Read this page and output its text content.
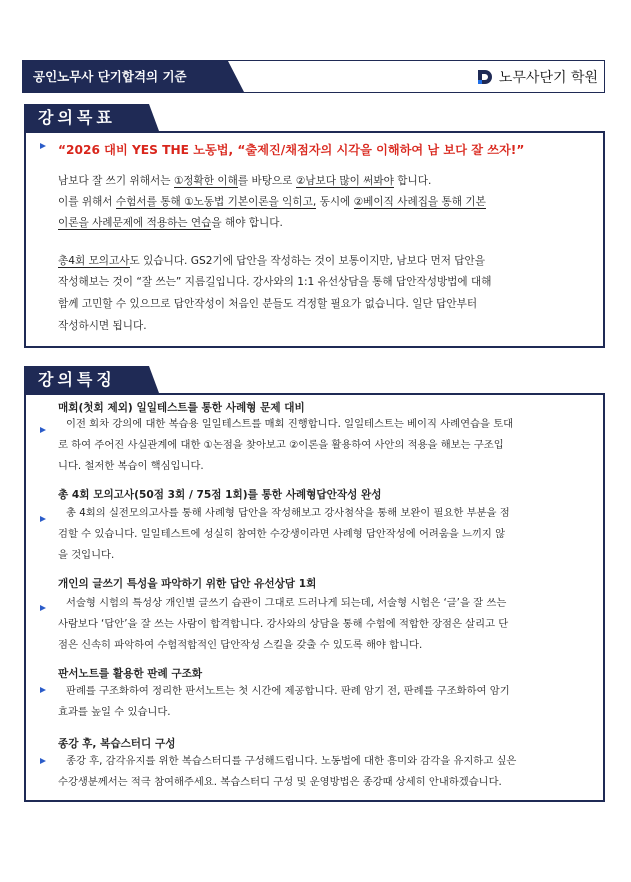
공인노무사 단기합격의 기준	노무사단기 학원
강의목표
“2026 대비 YES THE 노동법, “출제진/채점자의 시각을 이해하여 남 보다 잘 쓰자!”
남보다 잘 쓰기 위해서는 ①정확한 이해를 바탕으로 ②남보다 많이 써봐야 합니다.
이를 위해서 수험서를 통해 ①노동법 기본이론을 익히고, 동시에 ②베이직 사례집을 통해 기본
이론을 사례문제에 적용하는 연습을 해야 합니다.
총4회 모의고사도 있습니다. GS2기에 답안을 작성하는 것이 보통이지만, 남보다 먼저 답안을
작성해보는 것이 “잘 쓰는” 지름길입니다. 강사와의 1:1 유선상담을 통해 답안작성방법에 대해
함께 고민할 수 있으므로 답안작성이 처음인 분들도 걱정할 필요가 없습니다. 일단 답안부터
작성하시면 됩니다.
강의특징
매회(첫회 제외) 일일테스트를 통한 사례형 문제 대비
이전 회차 강의에 대한 복습용 일일테스트를 매회 진행합니다. 일일테스트는 베이직 사례연습을 토대
로 하여 주어진 사실관계에 대한 ①논점을 찾아보고 ②이론을 활용하여 사안의 적용을 해보는 구조입
니다. 철저한 복습이 핵심입니다.
총 4회 모의고사(50점 3회 / 75점 1회)를 통한 사례형답안작성 완성
총 4회의 실전모의고사를 통해 사례형 답안을 작성해보고 강사첨삭을 통해 보완이 필요한 부분을 점
검할 수 있습니다. 일일테스트에 성실히 참여한 수강생이라면 사례형 답안작성에 어려움을 느끼지 않
을 것입니다.
개인의 글쓰기 특성을 파악하기 위한 답안 유선상담 1회
서술형 시험의 특성상 개인별 글쓰기 습관이 그대로 드러나게 되는데, 서술형 시험은 ‘글’을 잘 쓰는
사람보다 ‘답안’을 잘 쓰는 사람이 합격합니다. 강사와의 상담을 통해 수험에 적합한 장점은 살리고 단
점은 신속히 파악하여 수험적합적인 답안작성 스킬을 갖출 수 있도록 해야 합니다.
판서노트를 활용한 판례 구조화
판례를 구조화하여 정리한 판서노트는 첫 시간에 제공합니다. 판례 암기 전, 판례를 구조화하여 암기
효과를 높일 수 있습니다.
종강 후, 복습스터디 구성
종강 후, 감각유지를 위한 복습스터디를 구성해드립니다. 노동법에 대한 흥미와 감각을 유지하고 싶은
수강생분께서는 적극 참여해주세요. 복습스터디 구성 및 운영방법은 종강때 상세히 안내하겠습니다.
